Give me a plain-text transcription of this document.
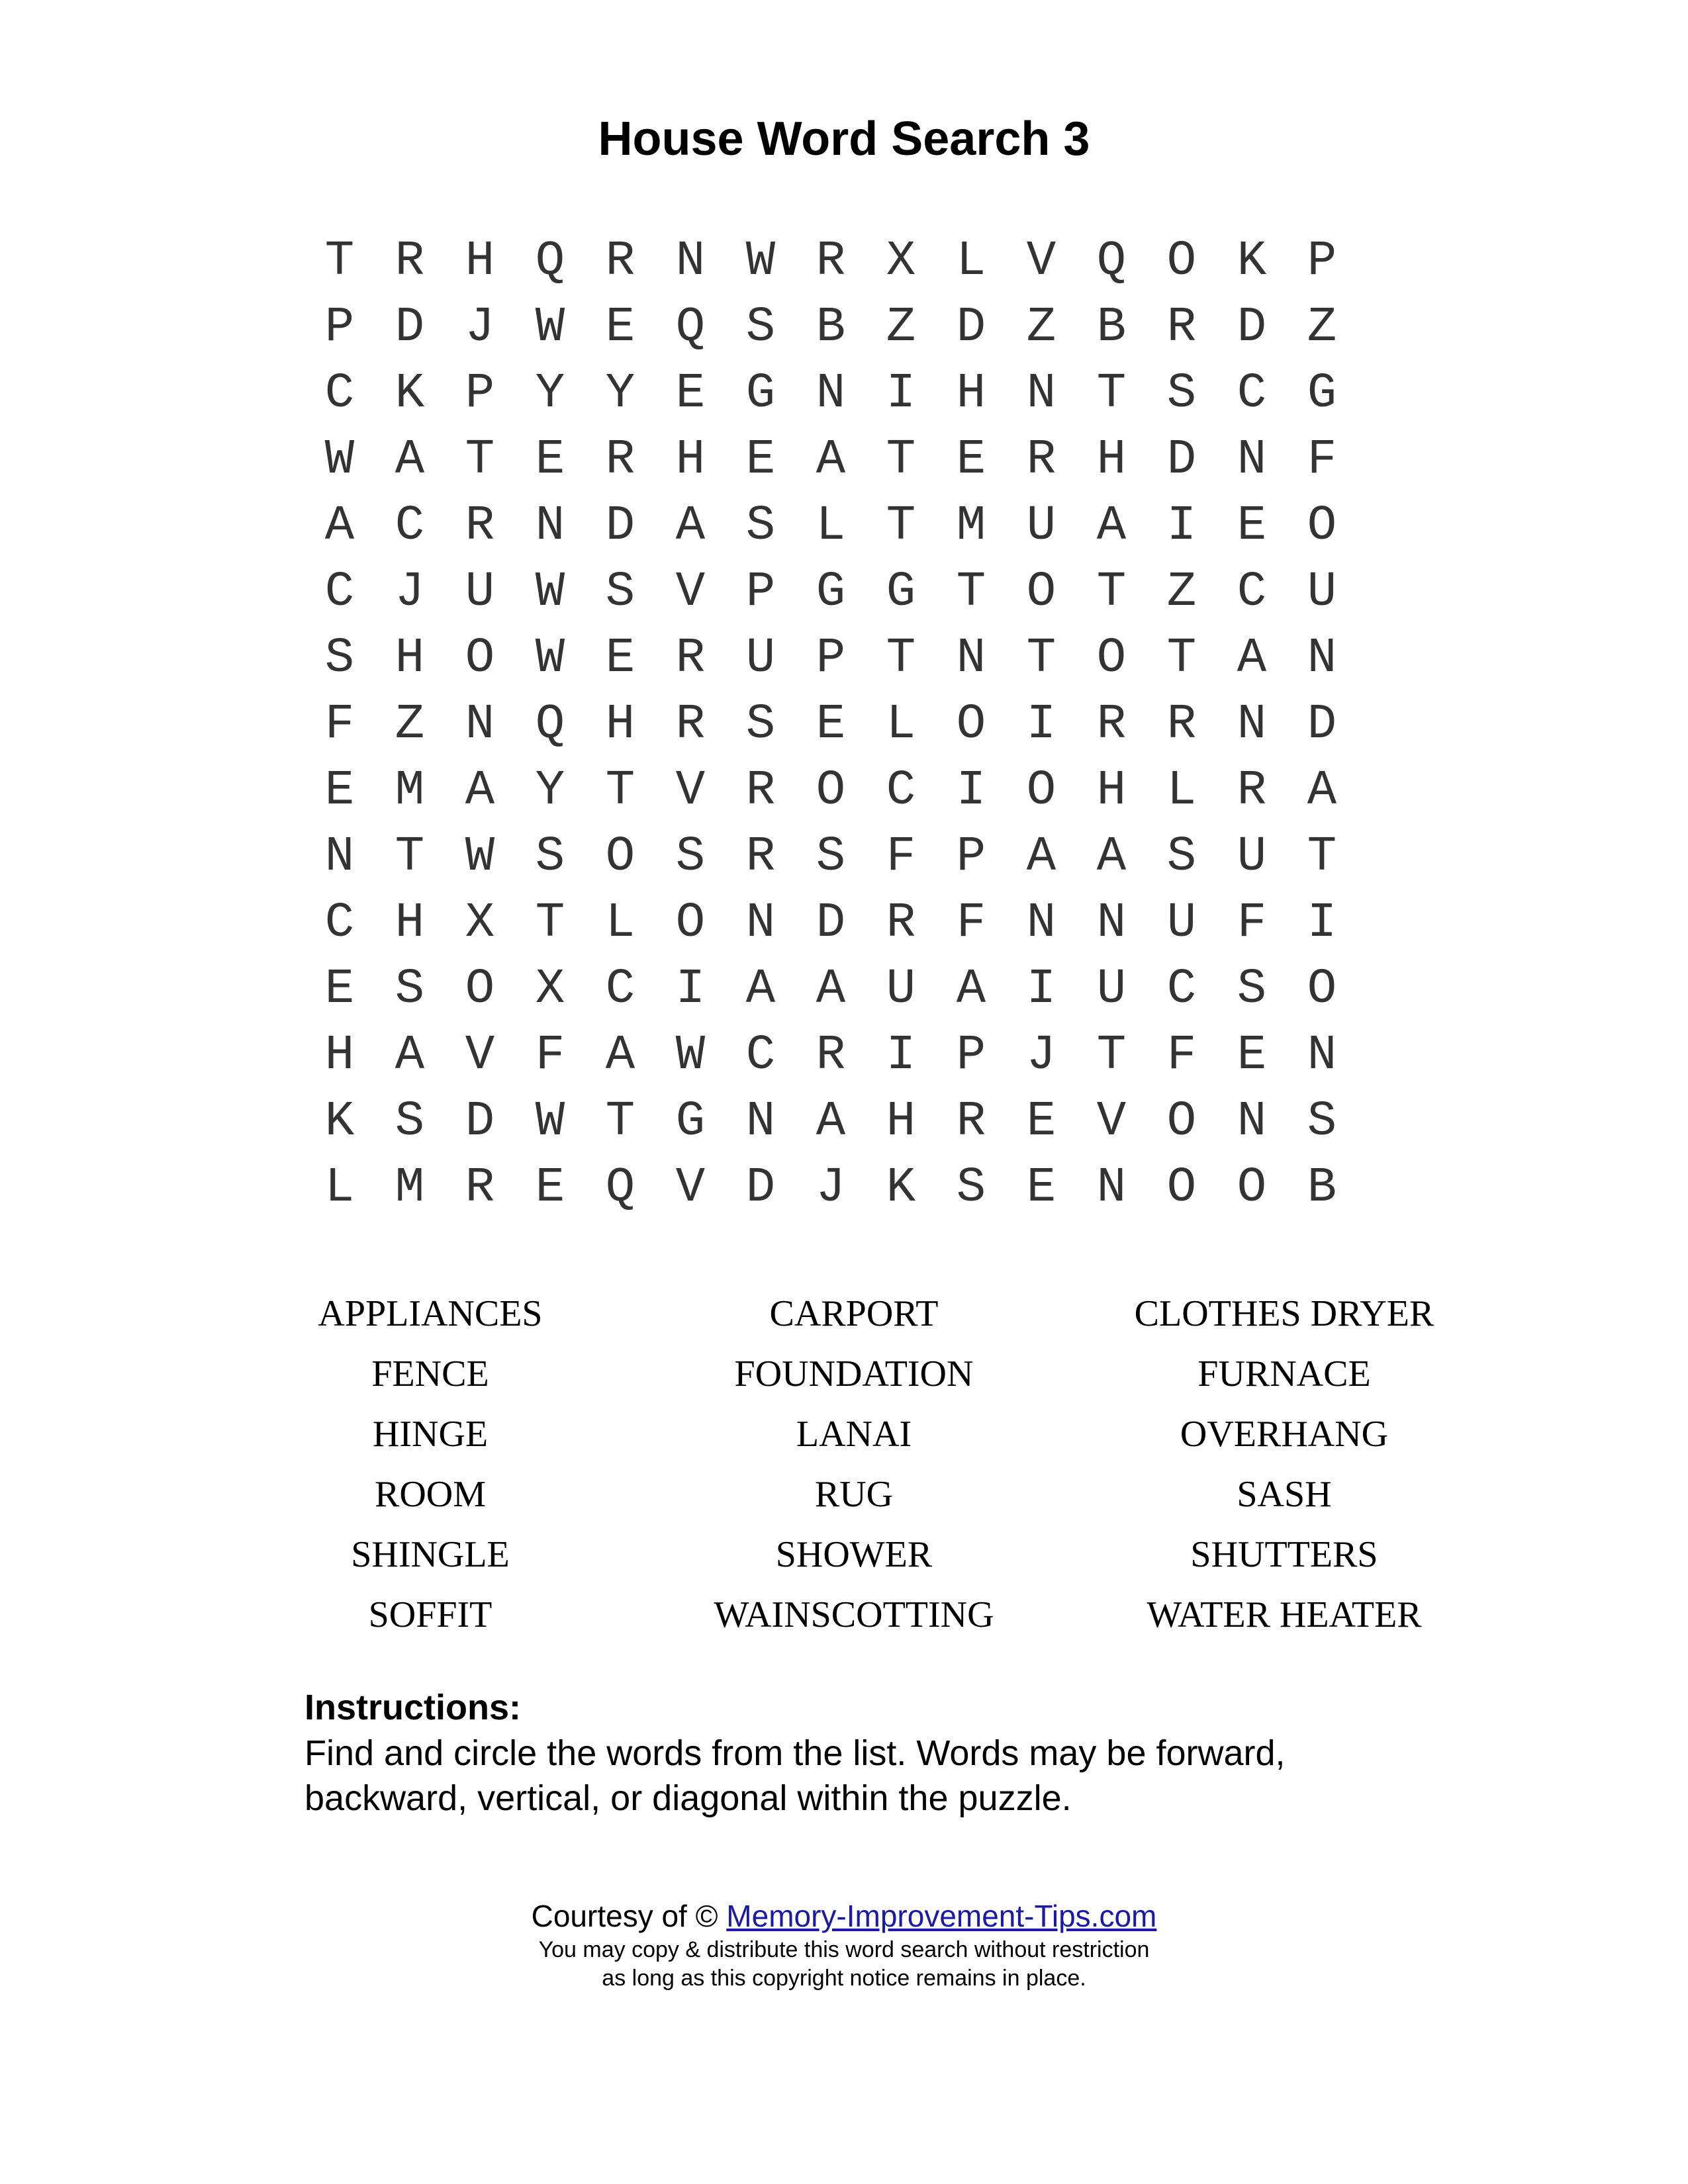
House Word Search 3
T R H Q R N W R X L V Q O K P
P D J W E Q S B Z D Z B R D Z
C K P Y Y E G N I H N T S C G
W A T E R H E A T E R H D N F
A C R N D A S L T M U A I E O
C J U W S V P G G T O T Z C U
S H O W E R U P T N T O T A N
F Z N Q H R S E L O I R R N D
E M A Y T V R O C I O H L R A
N T W S O S R S F P A A S U T
C H X T L O N D R F N N U F I
E S O X C I A A U A I U C S O
H A V F A W C R I P J T F E N
K S D W T G N A H R E V O N S
L M R E Q V D J K S E N O O B
APPLIANCES	CARPORT	CLOTHES DRYER
FENCE	FOUNDATION	FURNACE
HINGE	LANAI	OVERHANG
ROOM	RUG	SASH
SHINGLE	SHOWER	SHUTTERS
SOFFIT	WAINSCOTTING	WATER HEATER
Instructions:
Find and circle the words from the list. Words may be forward,
backward, vertical, or diagonal within the puzzle.
Courtesy of © Memory-Improvement-Tips.com
You may copy & distribute this word search without restriction
as long as this copyright notice remains in place.
